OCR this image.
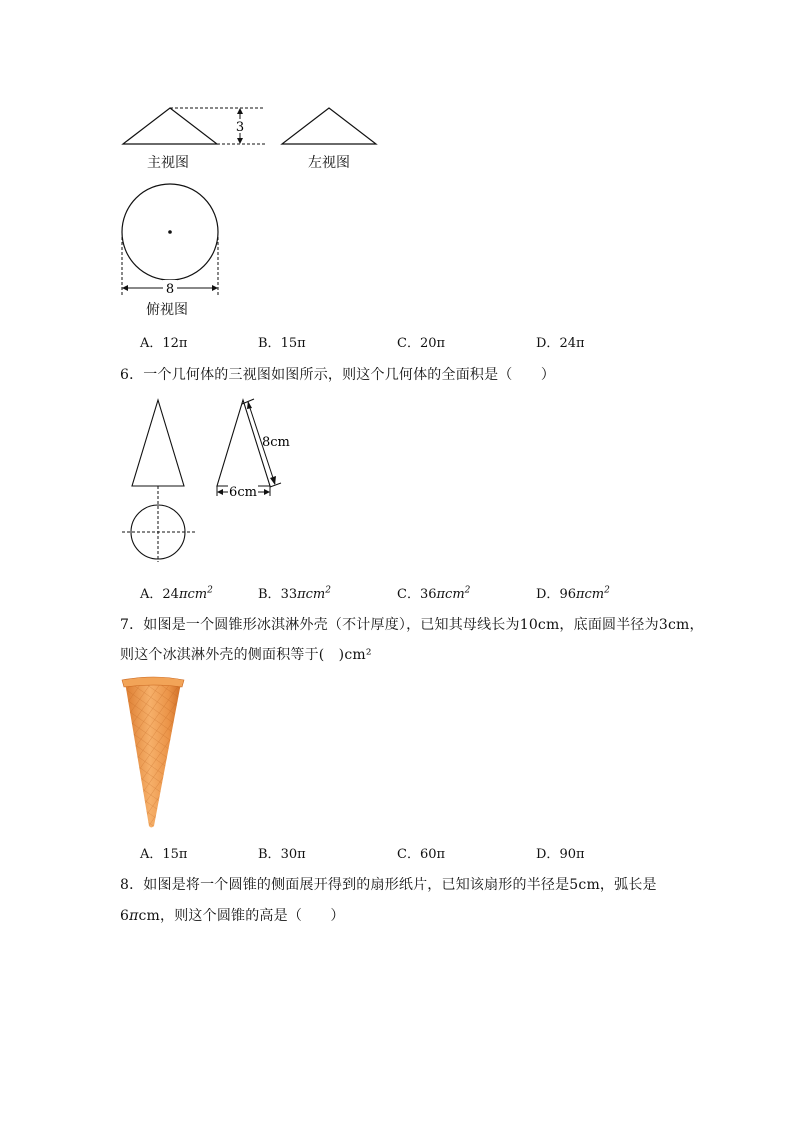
3
8
主视图	左视图
俯视图
A．12π	B．15π	C．20π	D．24π
6．一个几何体的三视图如图所示，则这个几何体的全面积是（　　）
8cm
6cm
A．24πcm$^2$	B．33πcm$^2$	C．36πcm$^2$	D．96πcm$^2$
7．如图是一个圆锥形冰淇淋外壳（不计厚度），已知其母线长为10cm，底面圆半径为3cm，
则这个冰淇淋外壳的侧面积等于(　)cm²
A．15π	B．30π	C．60π	D．90π
8．如图是将一个圆锥的侧面展开得到的扇形纸片，已知该扇形的半径是5cm，弧长是
6πcm，则这个圆锥的高是（　　）
